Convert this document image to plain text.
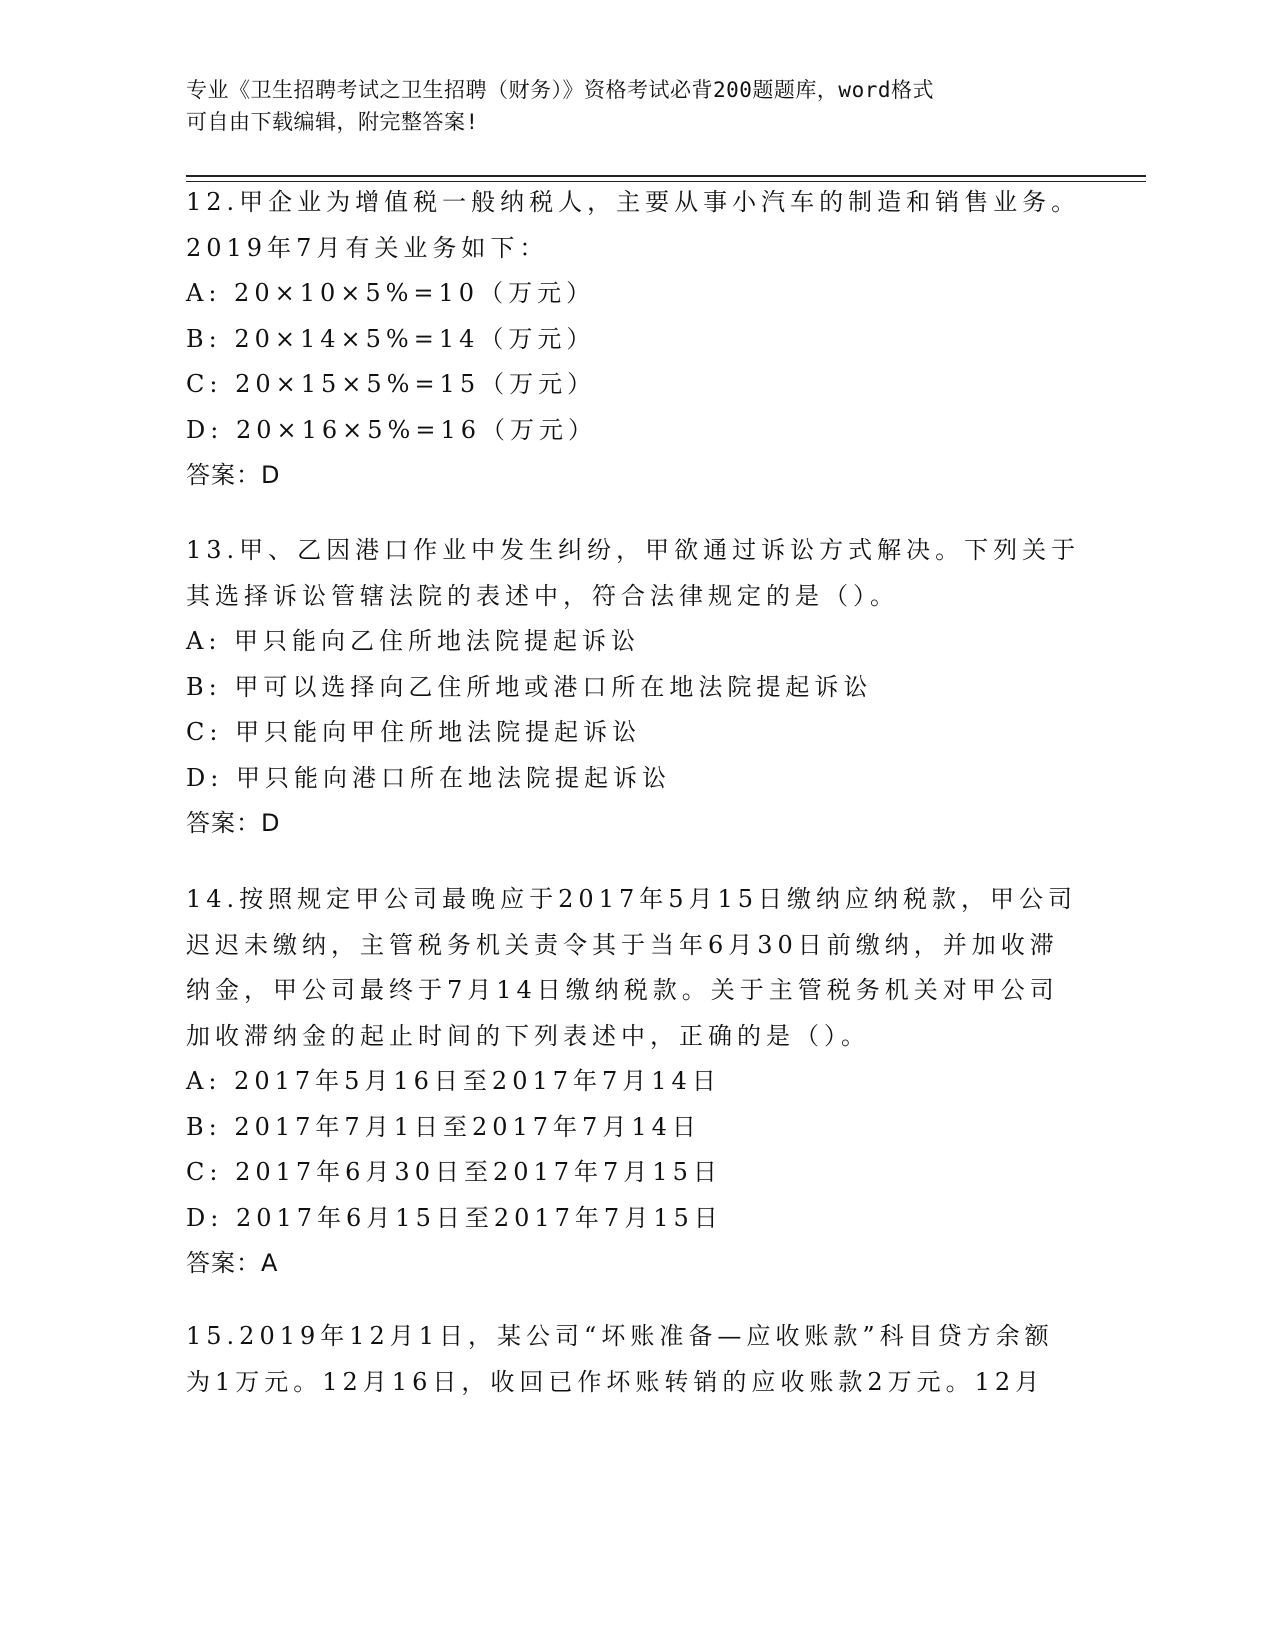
专业《卫生招聘考试之卫生招聘（财务）》资格考试必背200题题库，word格式
可自由下载编辑，附完整答案!
12.甲企业为增值税一般纳税人，主要从事小汽车的制造和销售业务。
2019年7月有关业务如下：
A: 20×10×5%=10（万元）
B: 20×14×5%=14（万元）
C: 20×15×5%=15（万元）
D: 20×16×5%=16（万元）
答案：D
13.甲、乙因港口作业中发生纠纷，甲欲通过诉讼方式解决。下列关于
其选择诉讼管辖法院的表述中，符合法律规定的是（）。
A: 甲只能向乙住所地法院提起诉讼
B: 甲可以选择向乙住所地或港口所在地法院提起诉讼
C: 甲只能向甲住所地法院提起诉讼
D: 甲只能向港口所在地法院提起诉讼
答案：D
14.按照规定甲公司最晚应于2017年5月15日缴纳应纳税款，甲公司
迟迟未缴纳，主管税务机关责令其于当年6月30日前缴纳，并加收滞
纳金，甲公司最终于7月14日缴纳税款。关于主管税务机关对甲公司
加收滞纳金的起止时间的下列表述中，正确的是（）。
A: 2017年5月16日至2017年7月14日
B: 2017年7月1日至2017年7月14日
C: 2017年6月30日至2017年7月15日
D: 2017年6月15日至2017年7月15日
答案：A
15.2019年12月1日，某公司“坏账准备—应收账款”科目贷方余额
为1万元。12月16日，收回已作坏账转销的应收账款2万元。12月
